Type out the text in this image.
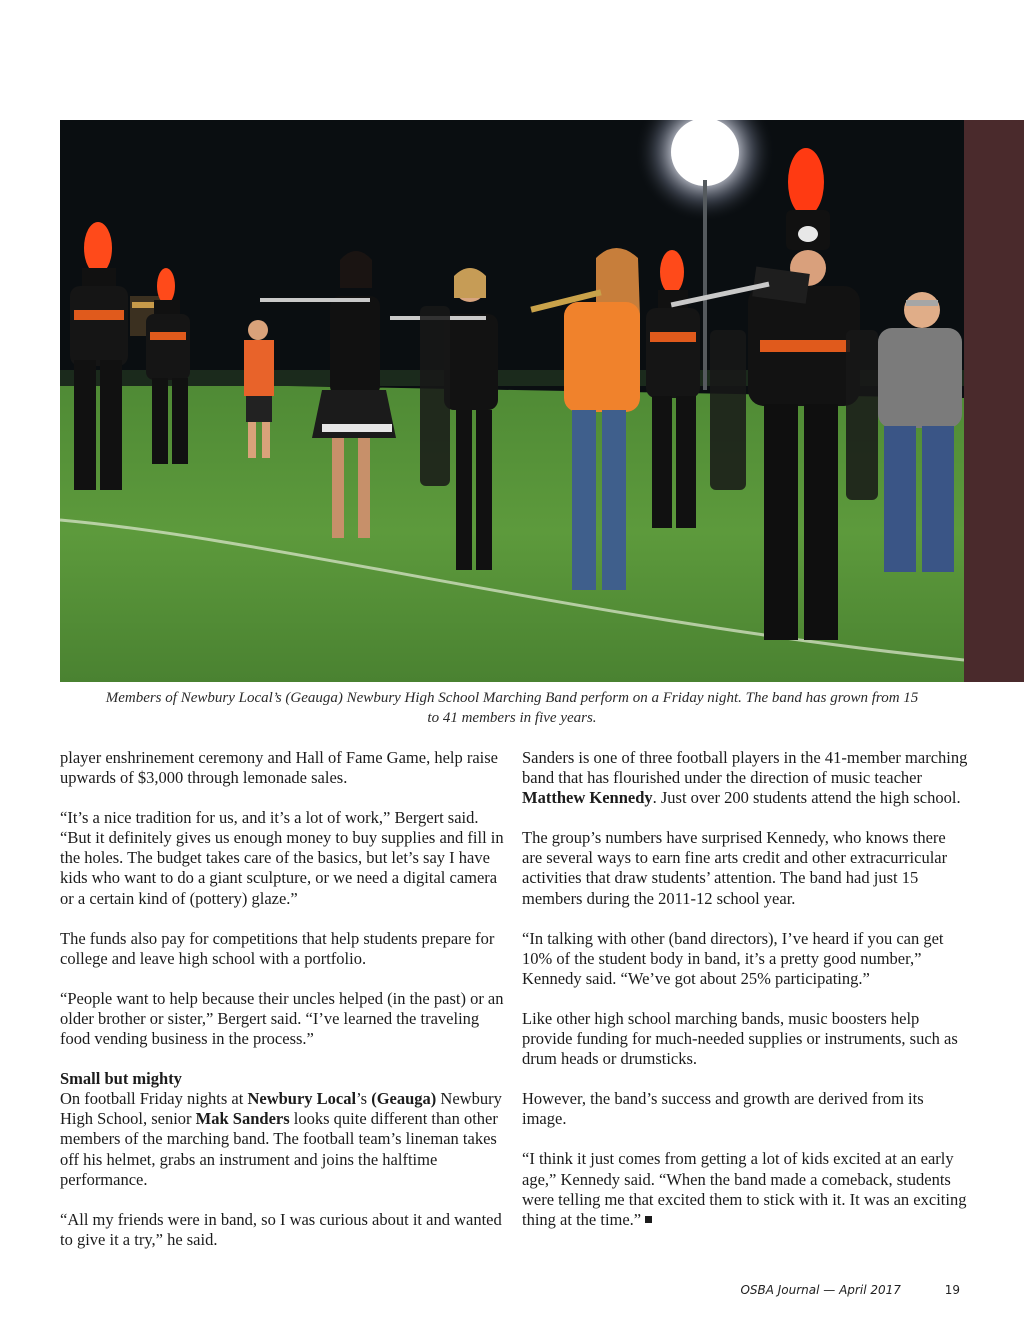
Members of Newbury Local’s (Geauga) Newbury High School Marching Band perform on a Friday night. The band has grown from 15
to 41 members in five years.

player enshrinement ceremony and Hall of Fame Game, help raise upwards of $3,000 through lemonade sales.

“It’s a nice tradition for us, and it’s a lot of work,” Bergert said. “But it definitely gives us enough money to buy supplies and fill in the holes. The budget takes care of the basics, but let’s say I have kids who want to do a giant sculpture, or we need a digital camera or a certain kind of (pottery) glaze.”

The funds also pay for competitions that help students prepare for college and leave high school with a portfolio.

“People want to help because their uncles helped (in the past) or an older brother or sister,” Bergert said. “I’ve learned the traveling food vending business in the process.”

Small but mighty

On football Friday nights at Newbury Local’s (Geauga) Newbury High School, senior Mak Sanders looks quite different than other members of the marching band. The football team’s lineman takes off his helmet, grabs an instrument and joins the halftime performance.

“All my friends were in band, so I was curious about it and wanted to give it a try,” he said.

Sanders is one of three football players in the 41-member marching band that has flourished under the direction of music teacher Matthew Kennedy. Just over 200 students attend the high school.

The group’s numbers have surprised Kennedy, who knows there are several ways to earn fine arts credit and other extracurricular activities that draw students’ attention. The band had just 15 members during the 2011-12 school year.

“In talking with other (band directors), I’ve heard if you can get 10% of the student body in band, it’s a pretty good number,” Kennedy said. “We’ve got about 25% participating.”

Like other high school marching bands, music boosters help provide funding for much-needed supplies or instruments, such as drum heads or drumsticks.

However, the band’s success and growth are derived from its image.

“I think it just comes from getting a lot of kids excited at an early age,” Kennedy said. “When the band made a comeback, students were telling me that excited them to stick with it. It was an exciting thing at the time.”

OSBA Journal — April 2017	19
